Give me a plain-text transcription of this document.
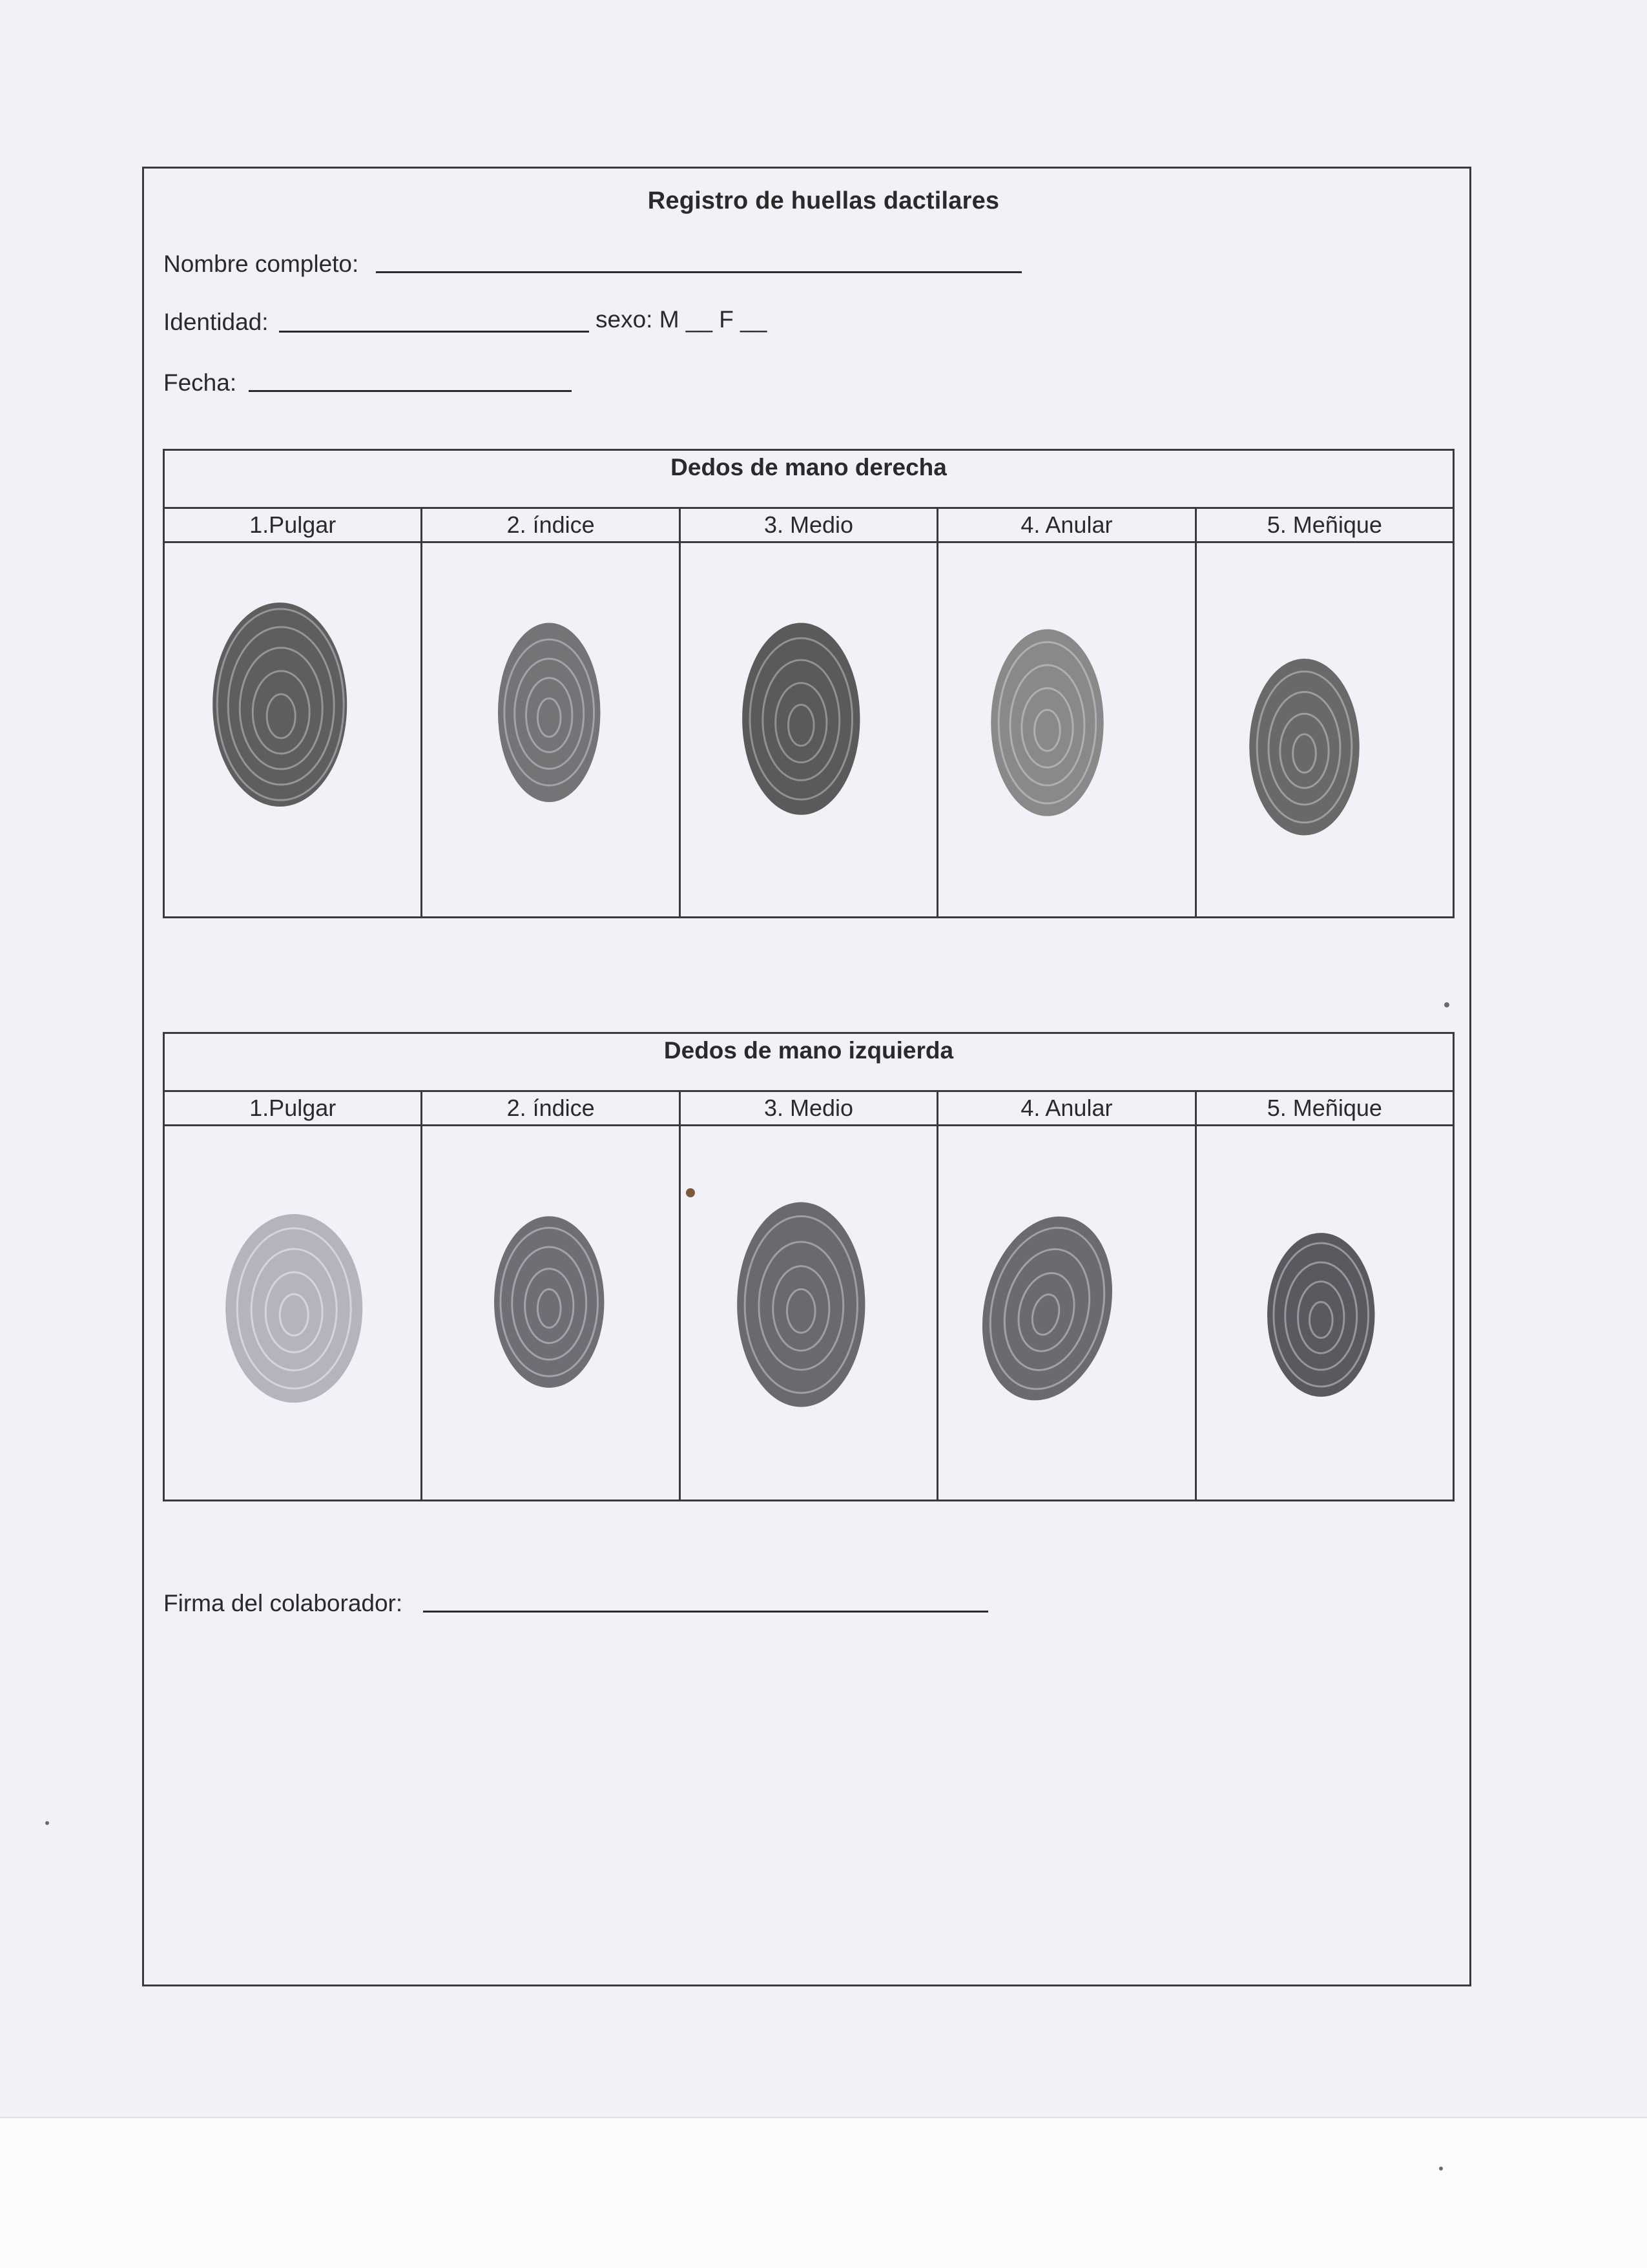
Registro de huellas dactilares
Nombre completo:
Identidad:	sexo: M __ F __
Fecha:
Dedos de mano derecha
1.Pulgar	2. índice	3. Medio	4. Anular	5. Meñique
Dedos de mano izquierda
1.Pulgar	2. índice	3. Medio	4. Anular	5. Meñique
Firma del colaborador:
